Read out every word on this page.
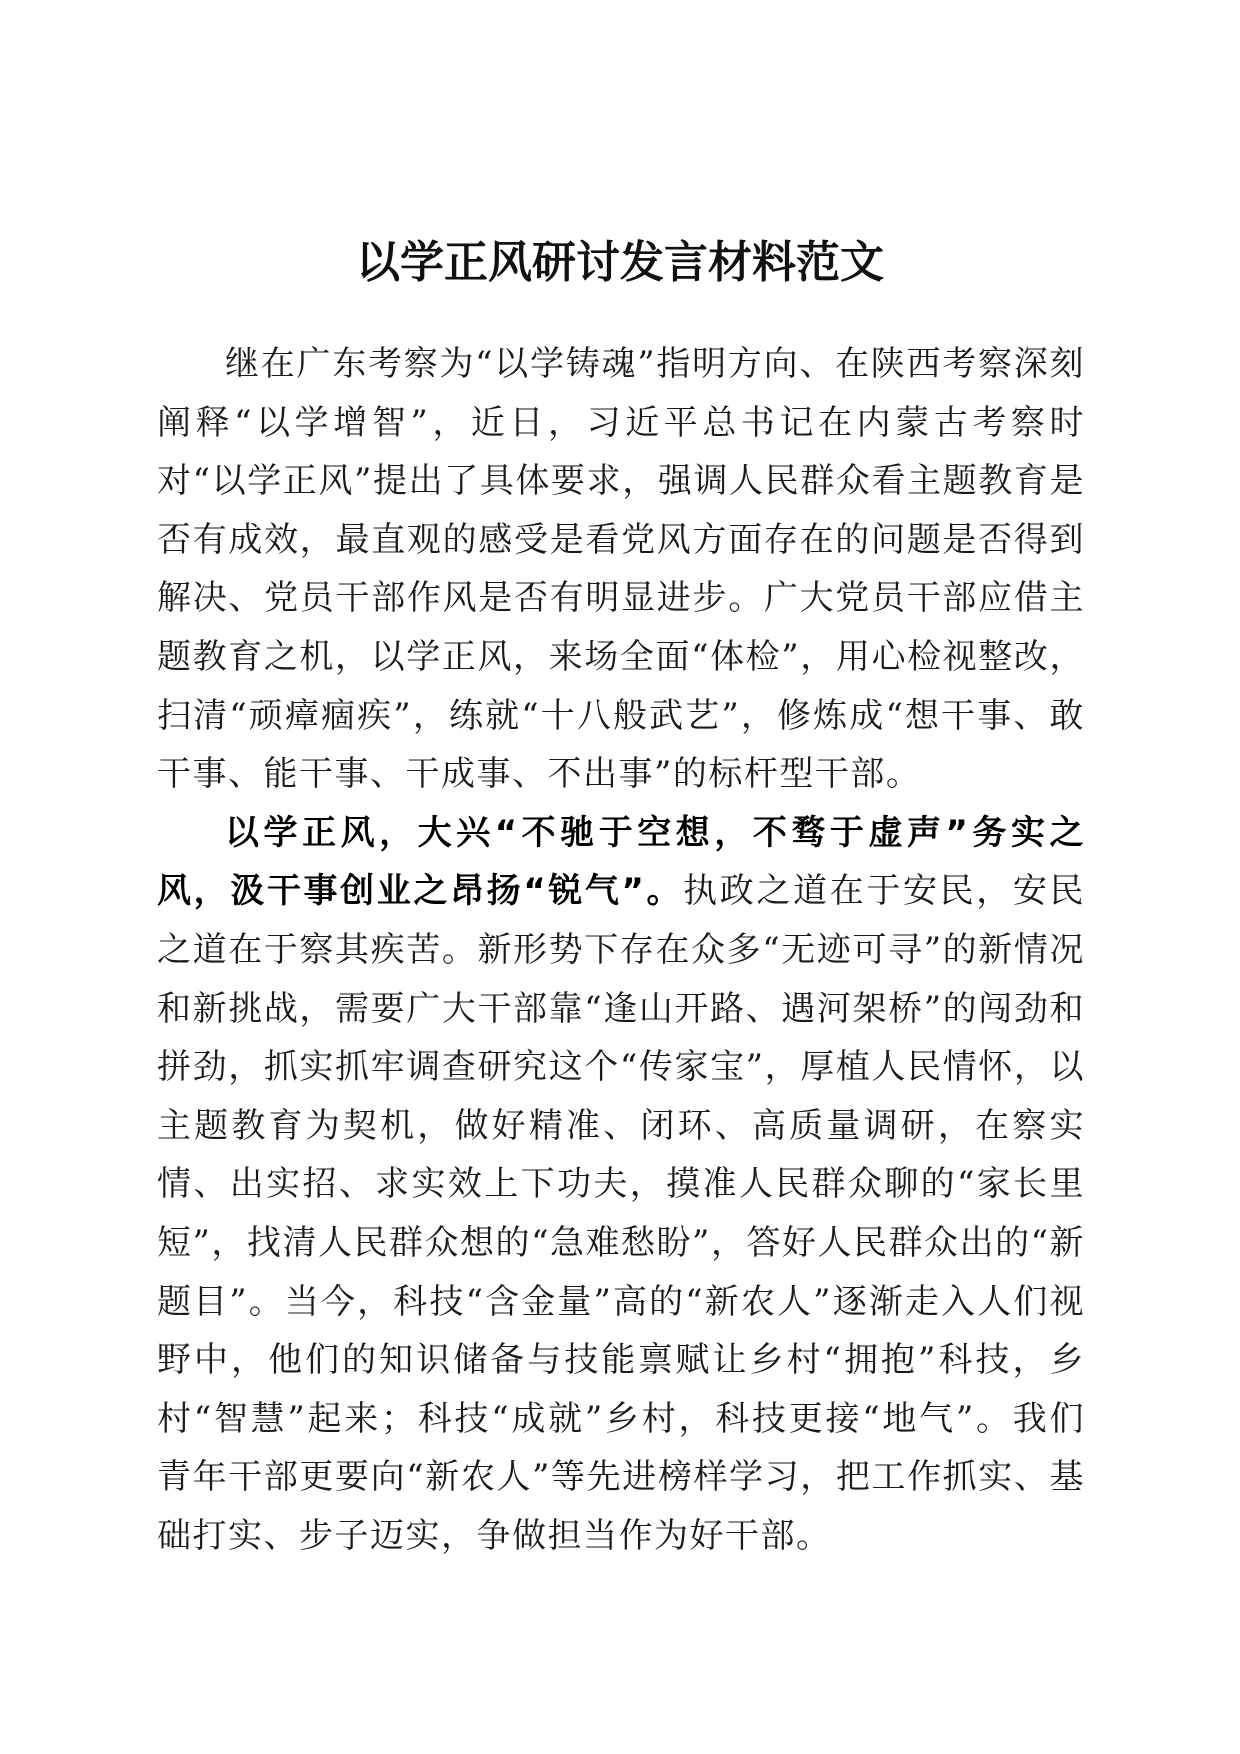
以学正风研讨发言材料范文

继在广东考察为“以学铸魂”指明方向、在陕西考察深刻阐释“以学增智”，近日，习近平总书记在内蒙古考察时对“以学正风”提出了具体要求，强调人民群众看主题教育是否有成效，最直观的感受是看党风方面存在的问题是否得到解决、党员干部作风是否有明显进步。广大党员干部应借主题教育之机，以学正风，来场全面“体检”，用心检视整改，扫清“顽瘴痼疾”，练就“十八般武艺”，修炼成“想干事、敢干事、能干事、干成事、不出事”的标杆型干部。

以学正风，大兴“不驰于空想，不骛于虚声”务实之风，汲干事创业之昂扬“锐气”。执政之道在于安民，安民之道在于察其疾苦。新形势下存在众多“无迹可寻”的新情况和新挑战，需要广大干部靠“逢山开路、遇河架桥”的闯劲和拼劲，抓实抓牢调查研究这个“传家宝”，厚植人民情怀，以主题教育为契机，做好精准、闭环、高质量调研，在察实情、出实招、求实效上下功夫，摸准人民群众聊的“家长里短”，找清人民群众想的“急难愁盼”，答好人民群众出的“新题目”。当今，科技“含金量”高的“新农人”逐渐走入人们视野中，他们的知识储备与技能禀赋让乡村“拥抱”科技，乡村“智慧”起来；科技“成就”乡村，科技更接“地气”。我们青年干部更要向“新农人”等先进榜样学习，把工作抓实、基础打实、步子迈实，争做担当作为好干部。
